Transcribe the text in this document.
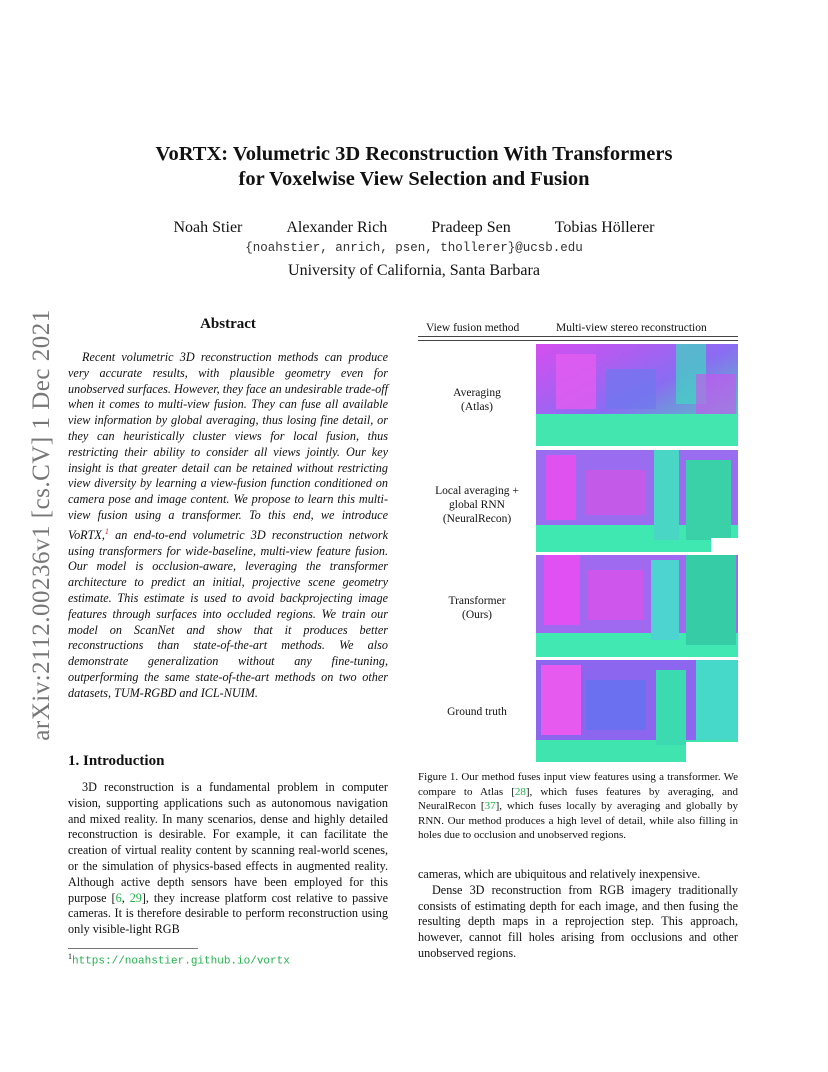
arXiv:2112.00236v1 [cs.CV] 1 Dec 2021
VoRTX: Volumetric 3D Reconstruction With Transformers
for Voxelwise View Selection and Fusion
Noah Stier	Alexander Rich	Pradeep Sen	Tobias Höllerer
{noahstier, anrich, psen, thollerer}@ucsb.edu
University of California, Santa Barbara
Abstract
Recent volumetric 3D reconstruction methods can produce very accurate results, with plausible geometry even for unobserved surfaces. However, they face an undesirable trade-off when it comes to multi-view fusion. They can fuse all available view information by global averaging, thus losing fine detail, or they can heuristically cluster views for local fusion, thus restricting their ability to consider all views jointly. Our key insight is that greater detail can be retained without restricting view diversity by learning a view-fusion function conditioned on camera pose and image content. We propose to learn this multi-view fusion using a transformer. To this end, we introduce VoRTX,$^1$ an end-to-end volumetric 3D reconstruction network using transformers for wide-baseline, multi-view feature fusion. Our model is occlusion-aware, leveraging the transformer architecture to predict an initial, projective scene geometry estimate. This estimate is used to avoid backprojecting image features through surfaces into occluded regions. We train our model on ScanNet and show that it produces better reconstructions than state-of-the-art methods. We also demonstrate generalization without any fine-tuning, outperforming the same state-of-the-art methods on two other datasets, TUM-RGBD and ICL-NUIM.
1. Introduction
3D reconstruction is a fundamental problem in computer vision, supporting applications such as autonomous navigation and mixed reality. In many scenarios, dense and highly detailed reconstruction is desirable. For example, it can facilitate the creation of virtual reality content by scanning real-world scenes, or the simulation of physics-based effects in augmented reality. Although active depth sensors have been employed for this purpose [6, 29], they increase platform cost relative to passive cameras. It is therefore desirable to perform reconstruction using only visible-light RGB
$^1$https://noahstier.github.io/vortx
View fusion method	Multi-view stereo reconstruction
Averaging
(Atlas)
Local averaging +
global RNN
(NeuralRecon)
Transformer
(Ours)
Ground truth
Figure 1. Our method fuses input view features using a transformer. We compare to Atlas [28], which fuses features by averaging, and NeuralRecon [37], which fuses locally by averaging and globally by RNN. Our method produces a high level of detail, while also filling in holes due to occlusion and unobserved regions.
cameras, which are ubiquitous and relatively inexpensive.
Dense 3D reconstruction from RGB imagery traditionally consists of estimating depth for each image, and then fusing the resulting depth maps in a reprojection step. This approach, however, cannot fill holes arising from occlusions and other unobserved regions.
